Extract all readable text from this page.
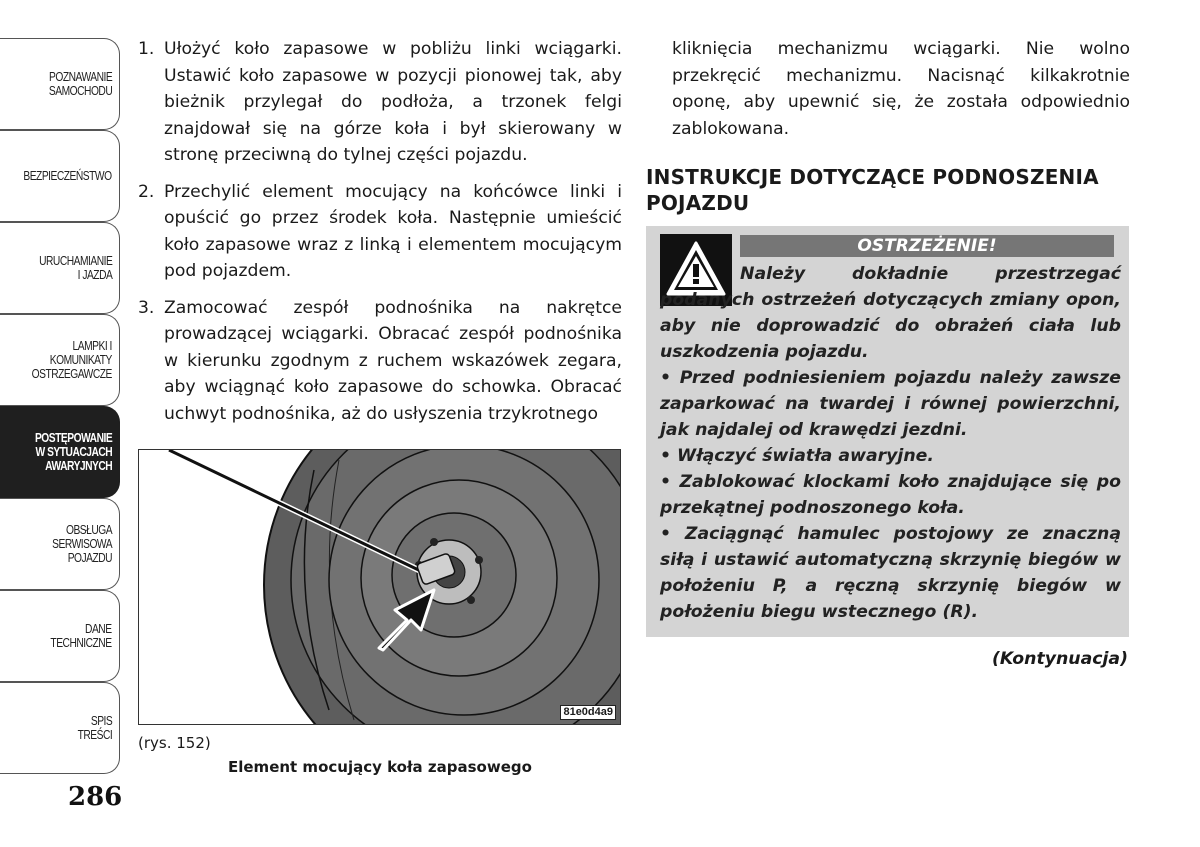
POZNAWANIE
SAMOCHODU
BEZPIECZEŃSTWO
URUCHAMIANIE
I JAZDA
LAMPKI I
KOMUNIKATY
OSTRZEGAWCZE
POSTĘPOWANIE
W SYTUACJACH
AWARYJNYCH
OBSŁUGA
SERWISOWA
POJAZDU
DANE
TECHNICZNE
SPIS
TREŚCI
286
1. Ułożyć koło zapasowe w pobliżu linki wciągarki. Ustawić koło zapasowe w pozycji pionowej tak, aby bieżnik przylegał do podłoża, a trzonek felgi znajdował się na górze koła i był skierowany w stronę przeciwną do tylnej części pojazdu.
2. Przechylić element mocujący na końcówce linki i opuścić go przez środek koła. Następnie umieścić koło zapasowe wraz z linką i elementem mocującym pod pojazdem.
3. Zamocować zespół podnośnika na nakrętce prowadzącej wciągarki. Obracać zespół podnośnika w kierunku zgodnym z ruchem wskazówek zegara, aby wciągnąć koło zapasowe do schowka. Obracać uchwyt podnośnika, aż do usłyszenia trzykrotnego
81e0d4a9
(rys. 152)
Element mocujący koła zapasowego
kliknięcia mechanizmu wciągarki. Nie wolno przekręcić mechanizmu. Nacisnąć kilkakrotnie oponę, aby upewnić się, że została odpowiednio zablokowana.
INSTRUKCJE DOTYCZĄCE PODNOSZENIA POJAZDU
OSTRZEŻENIE!

Należy dokładnie przestrzegać podanych ostrzeżeń dotyczących zmiany opon, aby nie doprowadzić do obrażeń ciała lub uszkodzenia pojazdu.

• Przed podniesieniem pojazdu należy zawsze zaparkować na twardej i równej powierzchni, jak najdalej od krawędzi jezdni.

• Włączyć światła awaryjne.

• Zablokować klockami koło znajdujące się po przekątnej podnoszonego koła.

• Zaciągnąć hamulec postojowy ze znaczną siłą i ustawić automatyczną skrzynię biegów w położeniu P, a ręczną skrzynię biegów w położeniu biegu wstecznego (R).

(Kontynuacja)
